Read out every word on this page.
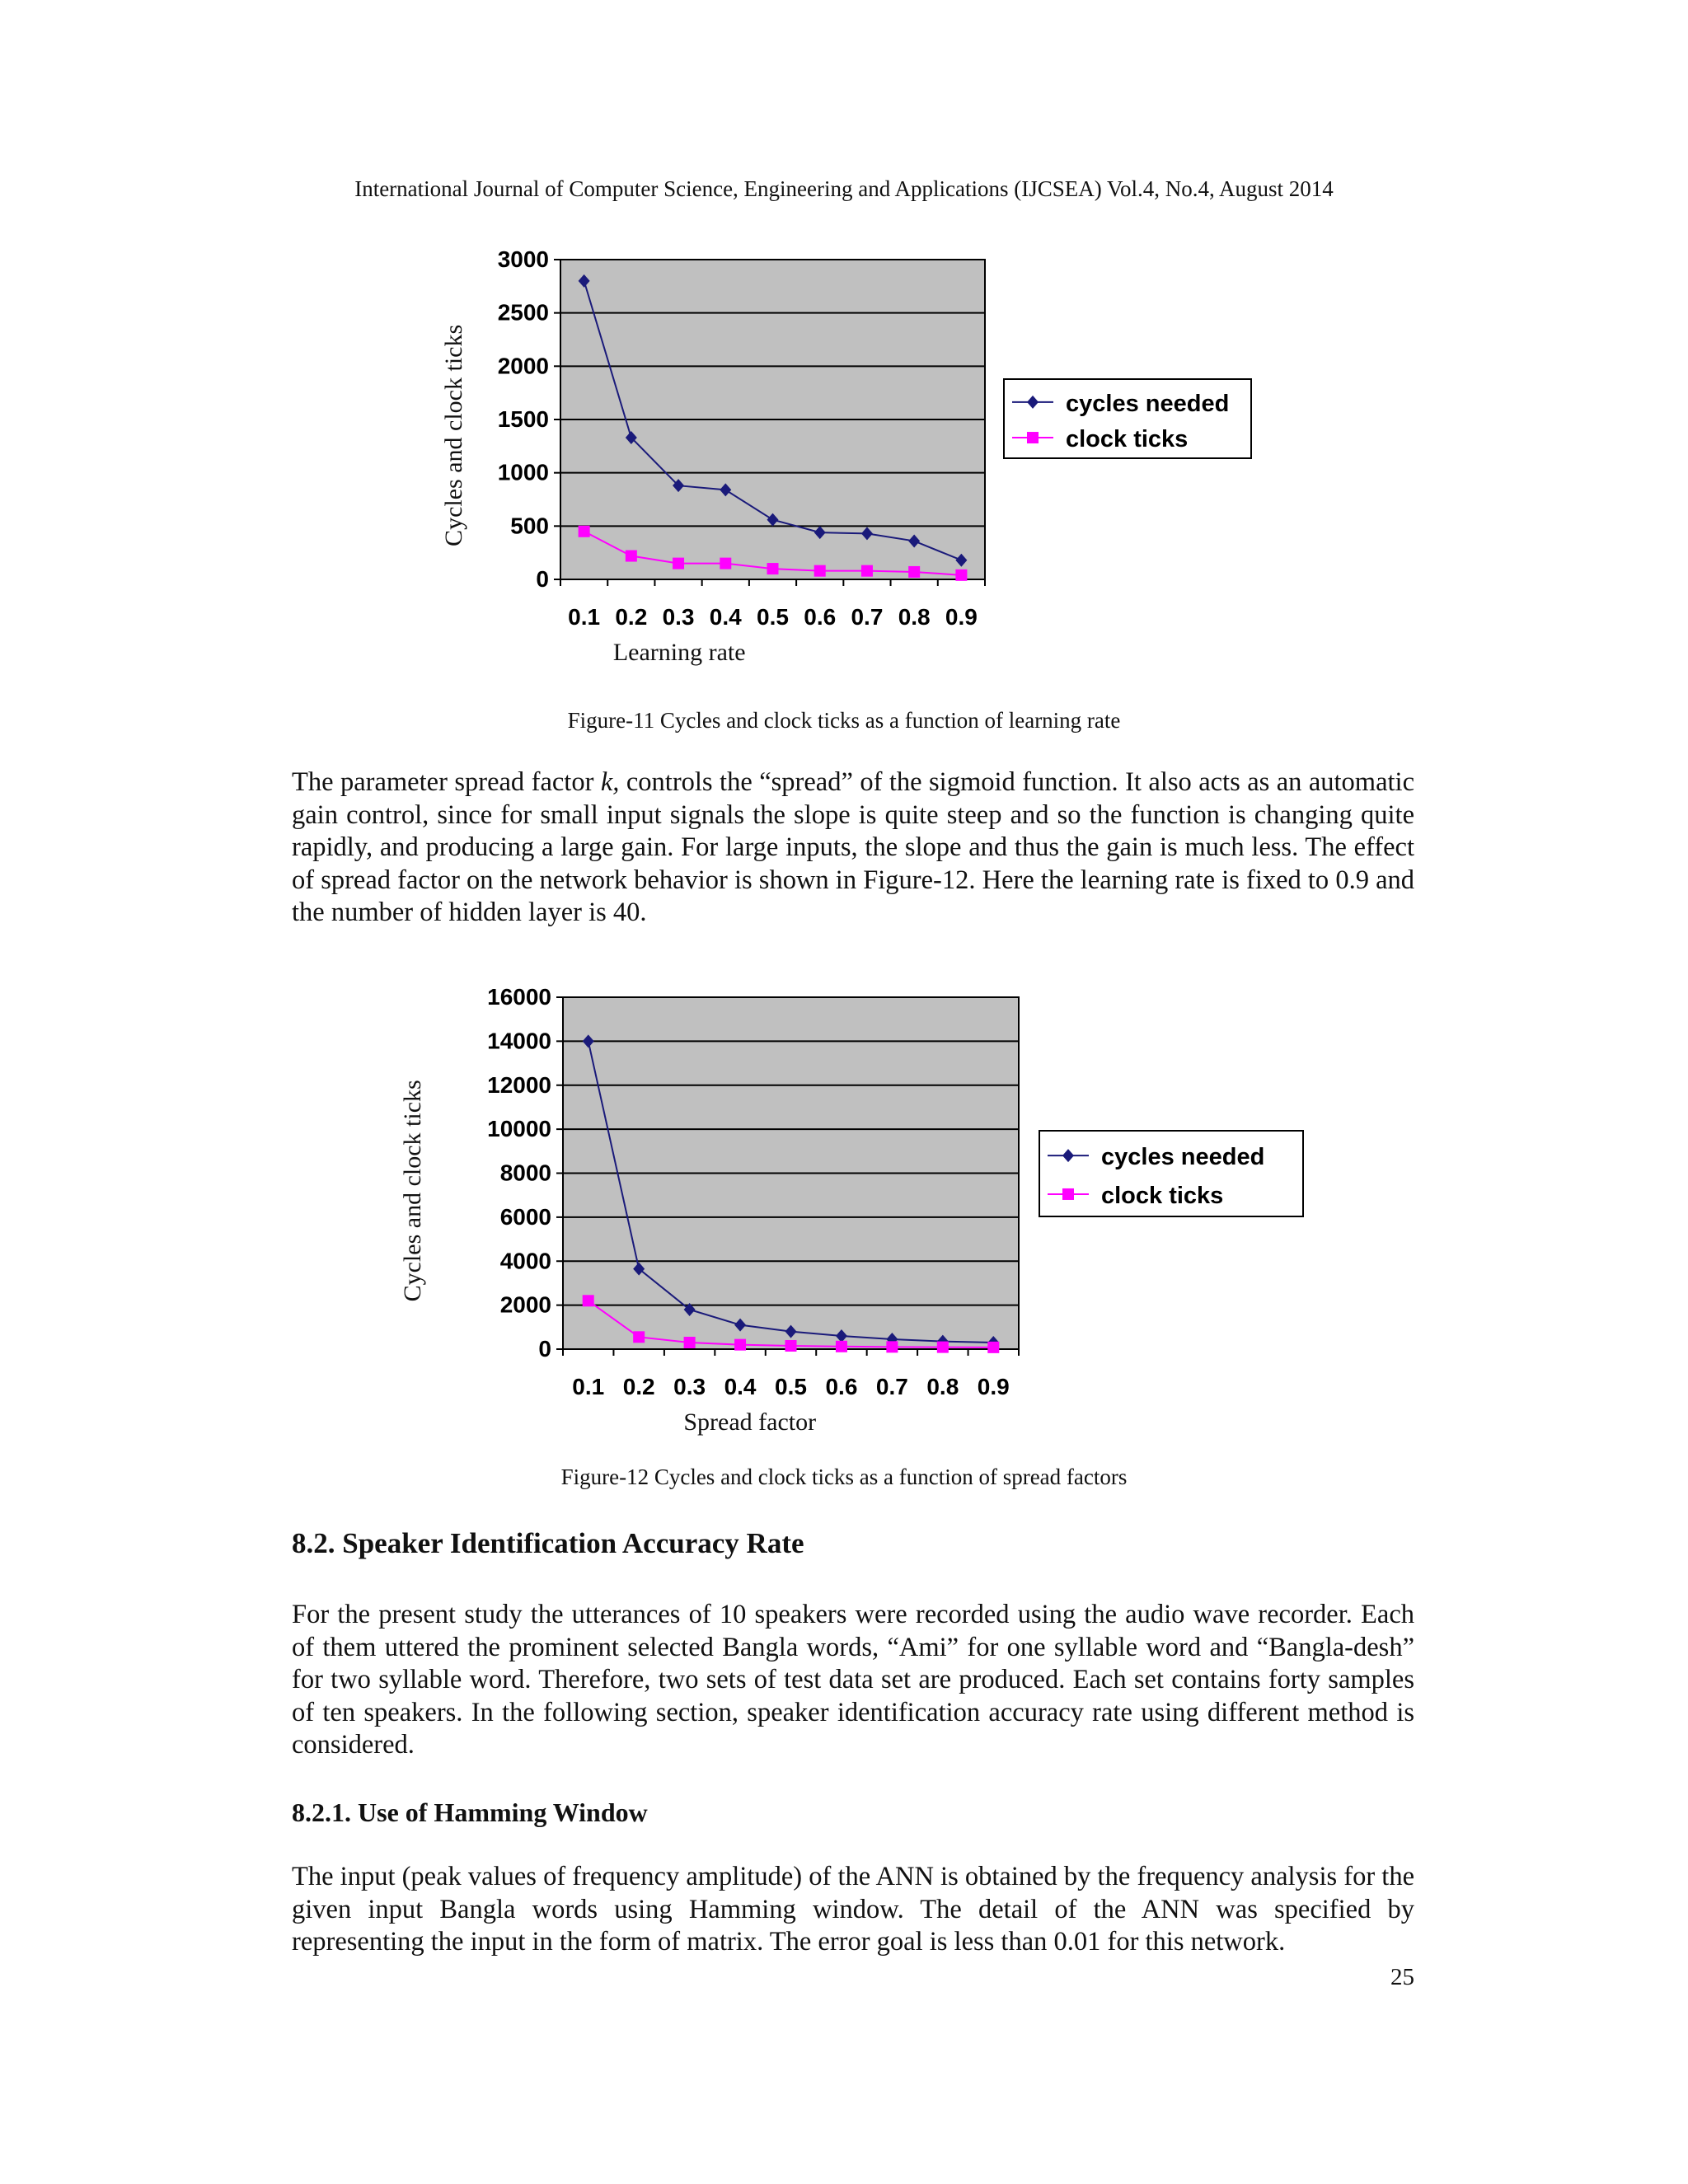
International Journal of Computer Science, Engineering and Applications (IJCSEA) Vol.4, No.4, August 2014
0
500
1000
1500
2000
2500
3000
0.1 0.2 0.3 0.4 0.5 0.6 0.7 0.8 0.9
Learning rate
Cycles and clock ticks	cycles needed
clock ticks
Figure-11 Cycles and clock ticks as a function of learning rate

The parameter spread factor k, controls the “spread” of the sigmoid function. It also acts as an automatic gain control, since for small input signals the slope is quite steep and so the function is changing quite rapidly, and producing a large gain. For large inputs, the slope and thus the gain is much less. The effect of spread factor on the network behavior is shown in Figure-12. Here the learning rate is fixed to 0.9 and the number of hidden layer is 40.

0
2000
4000
6000
8000
10000
12000
14000
16000
0.1 0.2 0.3 0.4 0.5 0.6 0.7 0.8 0.9
Spread factor
Cycles and clock ticks	cycles needed
clock ticks
Figure-12 Cycles and clock ticks as a function of spread factors
8.2. Speaker Identification Accuracy Rate

For the present study the utterances of 10 speakers were recorded using the audio wave recorder. Each of them uttered the prominent selected Bangla words, “Ami” for one syllable word and “Bangla-desh” for two syllable word. Therefore, two sets of test data set are produced. Each set contains forty samples of ten speakers. In the following section, speaker identification accuracy rate using different method is considered.

8.2.1. Use of Hamming Window

The input (peak values of frequency amplitude) of the ANN is obtained by the frequency analysis for the given input Bangla words using Hamming window. The detail of the ANN was specified by representing the input in the form of matrix. The error goal is less than 0.01 for this network.

25
